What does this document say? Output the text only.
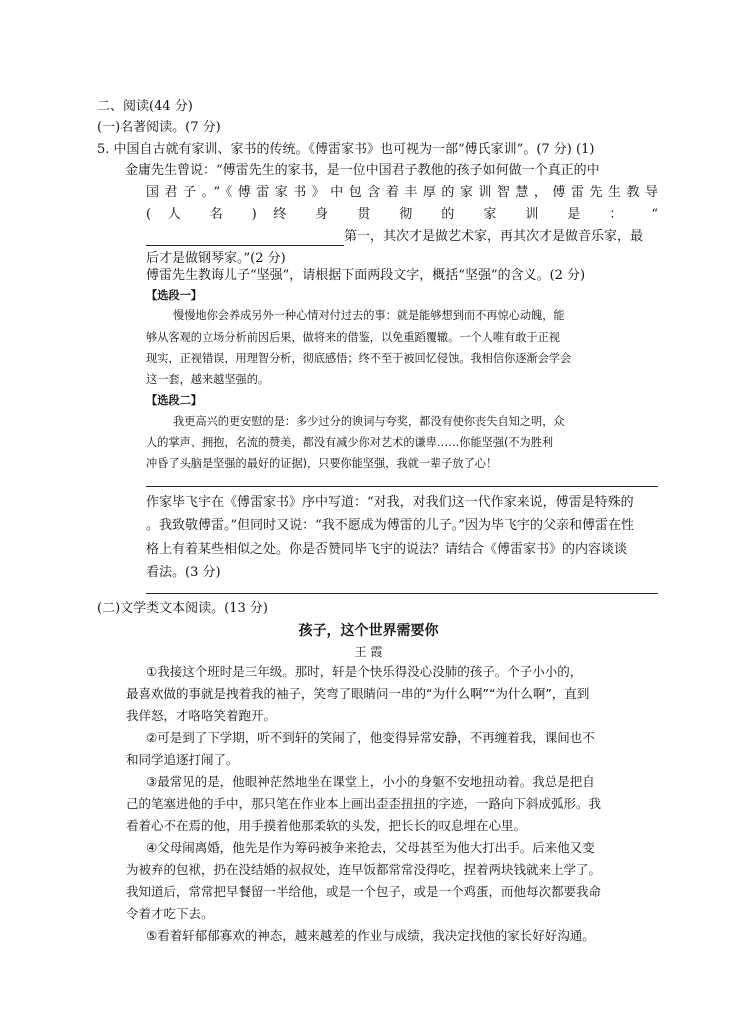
二、阅读(44 分)
(一)名著阅读。(7 分)
5. 中国自古就有家训、家书的传统。《傅雷家书》也可视为一部“傅氏家训”。(7 分) (1)
金庸先生曾说：“傅雷先生的家书，是一位中国君子教他的孩子如何做一个真正的中
国君子。”《傅雷家书》中包含着丰厚的家训智慧，傅雷先生教导
( 人 名 ) 终 身 贯 彻 的 家 训 是 ： “
第一，其次才是做艺术家，再其次才是做音乐家，最
后才是做钢琴家。”(2 分)
傅雷先生教诲儿子“坚强”，请根据下面两段文字，概括“坚强”的含义。(2 分)
【选段一】
慢慢地你会养成另外一种心情对付过去的事：就是能够想到而不再惊心动魄，能
够从客观的立场分析前因后果，做将来的借鉴，以免重蹈覆辙。一个人唯有敢于正视
现实，正视错误，用理智分析，彻底感悟；终不至于被回忆侵蚀。我相信你逐渐会学会
这一套，越来越坚强的。
【选段二】
我更高兴的更安慰的是：多少过分的谀词与夸奖，都没有使你丧失自知之明，众
人的掌声、拥抱，名流的赞美，都没有减少你对艺术的谦卑……你能坚强(不为胜利
冲昏了头脑是坚强的最好的证据)，只要你能坚强，我就一辈子放了心！
作家毕飞宇在《傅雷家书》序中写道：“对我，对我们这一代作家来说，傅雷是特殊的
。我致敬傅雷。”但同时又说：“我不愿成为傅雷的儿子。”因为毕飞宇的父亲和傅雷在性
格上有着某些相似之处。你是否赞同毕飞宇的说法？请结合《傅雷家书》的内容谈谈
看法。(3 分)
(二)文学类文本阅读。(13 分)
孩子，这个世界需要你
王 霞
①我接这个班时是三年级。那时，轩是个快乐得没心没肺的孩子。个子小小的，
最喜欢做的事就是拽着我的袖子，笑弯了眼睛问一串的“为什么啊”“为什么啊”，直到
我佯怒，才咯咯笑着跑开。
②可是到了下学期，听不到轩的笑闹了，他变得异常安静，不再缠着我，课间也不
和同学追逐打闹了。
③最常见的是，他眼神茫然地坐在课堂上，小小的身躯不安地扭动着。我总是把自
己的笔塞进他的手中，那只笔在作业本上画出歪歪扭扭的字迹，一路向下斜成弧形。我
看着心不在焉的他，用手摸着他那柔软的头发，把长长的叹息埋在心里。
④父母闹离婚，他先是作为筹码被争来抢去，父母甚至为他大打出手。后来他又变
为被弃的包袱，扔在没结婚的叔叔处，连早饭都常常没得吃，捏着两块钱就来上学了。
我知道后，常常把早餐留一半给他，或是一个包子，或是一个鸡蛋，而他每次都要我命
令着才吃下去。
⑤看着轩郁郁寡欢的神态，越来越差的作业与成绩，我决定找他的家长好好沟通。
